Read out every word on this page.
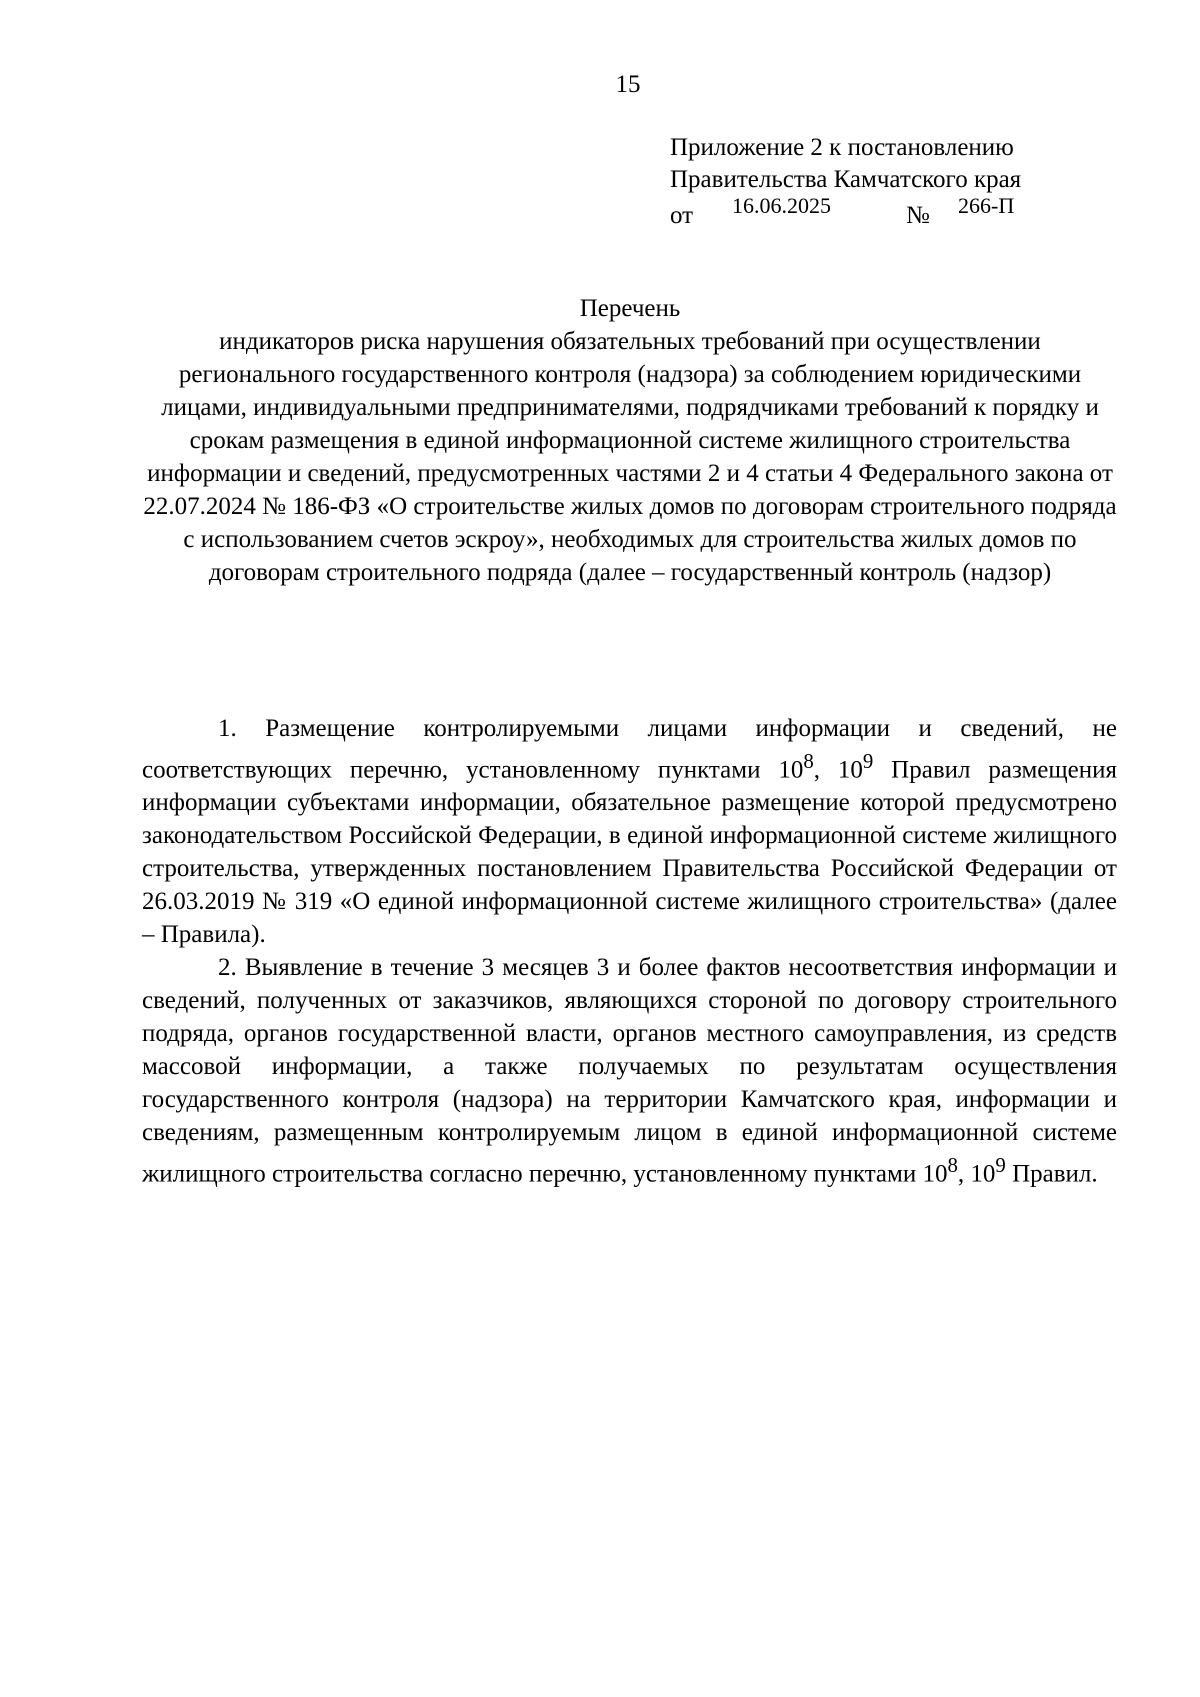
15
Приложение 2 к постановлению
Правительства Камчатского края
от 16.06.2025	№ 266-П
Перечень
индикаторов риска нарушения обязательных требований при осуществлении регионального государственного контроля (надзора) за соблюдением юридическими лицами, индивидуальными предпринимателями, подрядчиками требований к порядку и срокам размещения в единой информационной системе жилищного строительства информации и сведений, предусмотренных частями 2 и 4 статьи 4 Федерального закона от 22.07.2024 № 186-ФЗ «О строительстве жилых домов по договорам строительного подряда с использованием счетов эскроу», необходимых для строительства жилых домов по договорам строительного подряда (далее – государственный контроль (надзор)

1. Размещение контролируемыми лицами информации и сведений, не соответствующих перечню, установленному пунктами $10^8$, $10^9$ Правил размещения информации субъектами информации, обязательное размещение которой предусмотрено законодательством Российской Федерации, в единой информационной системе жилищного строительства, утвержденных постановлением Правительства Российской Федерации от 26.03.2019 № 319 «О единой информационной системе жилищного строительства» (далее – Правила).

2. Выявление в течение 3 месяцев 3 и более фактов несоответствия информации и сведений, полученных от заказчиков, являющихся стороной по договору строительного подряда, органов государственной власти, органов местного самоуправления, из средств массовой информации, а также получаемых по результатам осуществления государственного контроля (надзора) на территории Камчатского края, информации и сведениям, размещенным контролируемым лицом в единой информационной системе жилищного строительства согласно перечню, установленному пунктами $10^8$, $10^9$ Правил.
